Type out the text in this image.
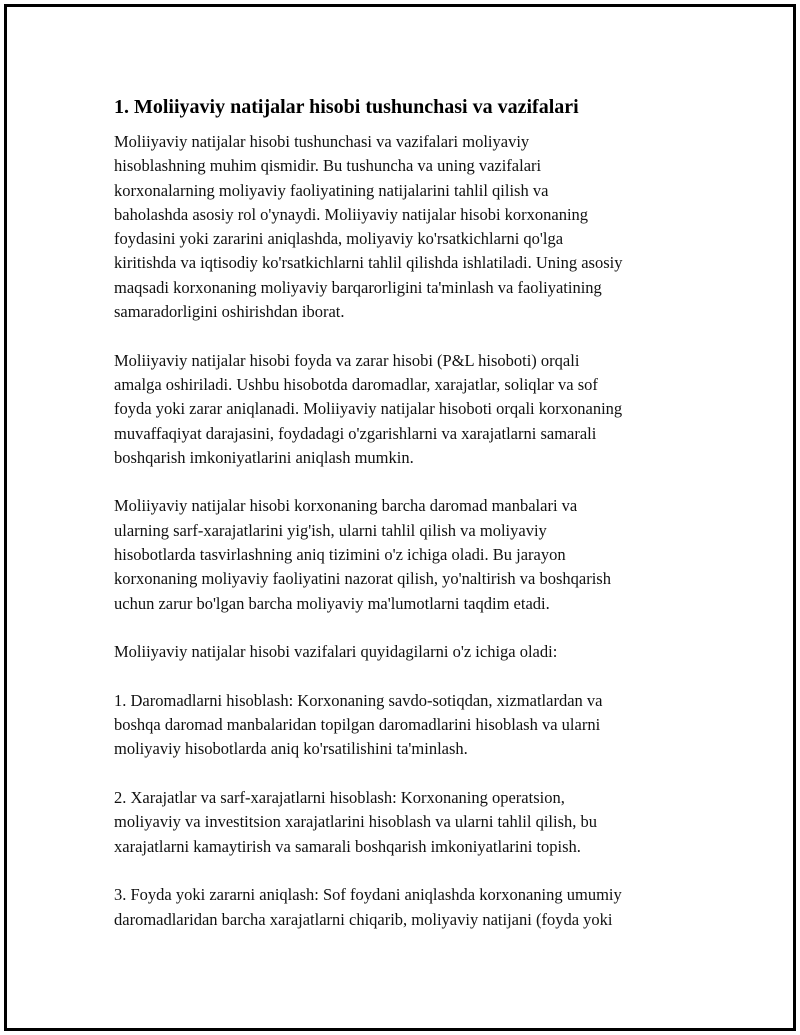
1. Moliiyaviy natijalar hisobi tushunchasi va vazifalari

Moliiyaviy natijalar hisobi tushunchasi va vazifalari moliyaviy
hisoblashning muhim qismidir. Bu tushuncha va uning vazifalari
korxonalarning moliyaviy faoliyatining natijalarini tahlil qilish va
baholashda asosiy rol o'ynaydi. Moliiyaviy natijalar hisobi korxonaning
foydasini yoki zararini aniqlashda, moliyaviy ko'rsatkichlarni qo'lga
kiritishda va iqtisodiy ko'rsatkichlarni tahlil qilishda ishlatiladi. Uning asosiy
maqsadi korxonaning moliyaviy barqarorligini ta'minlash va faoliyatining
samaradorligini oshirishdan iborat.

Moliiyaviy natijalar hisobi foyda va zarar hisobi (P&L hisoboti) orqali
amalga oshiriladi. Ushbu hisobotda daromadlar, xarajatlar, soliqlar va sof
foyda yoki zarar aniqlanadi. Moliiyaviy natijalar hisoboti orqali korxonaning
muvaffaqiyat darajasini, foydadagi o'zgarishlarni va xarajatlarni samarali
boshqarish imkoniyatlarini aniqlash mumkin.

Moliiyaviy natijalar hisobi korxonaning barcha daromad manbalari va
ularning sarf-xarajatlarini yig'ish, ularni tahlil qilish va moliyaviy
hisobotlarda tasvirlashning aniq tizimini o'z ichiga oladi. Bu jarayon
korxonaning moliyaviy faoliyatini nazorat qilish, yo'naltirish va boshqarish
uchun zarur bo'lgan barcha moliyaviy ma'lumotlarni taqdim etadi.

Moliiyaviy natijalar hisobi vazifalari quyidagilarni o'z ichiga oladi:

1. Daromadlarni hisoblash: Korxonaning savdo-sotiqdan, xizmatlardan va
boshqa daromad manbalaridan topilgan daromadlarini hisoblash va ularni
moliyaviy hisobotlarda aniq ko'rsatilishini ta'minlash.

2. Xarajatlar va sarf-xarajatlarni hisoblash: Korxonaning operatsion,
moliyaviy va investitsion xarajatlarini hisoblash va ularni tahlil qilish, bu
xarajatlarni kamaytirish va samarali boshqarish imkoniyatlarini topish.

3. Foyda yoki zararni aniqlash: Sof foydani aniqlashda korxonaning umumiy
daromadlaridan barcha xarajatlarni chiqarib, moliyaviy natijani (foyda yoki
